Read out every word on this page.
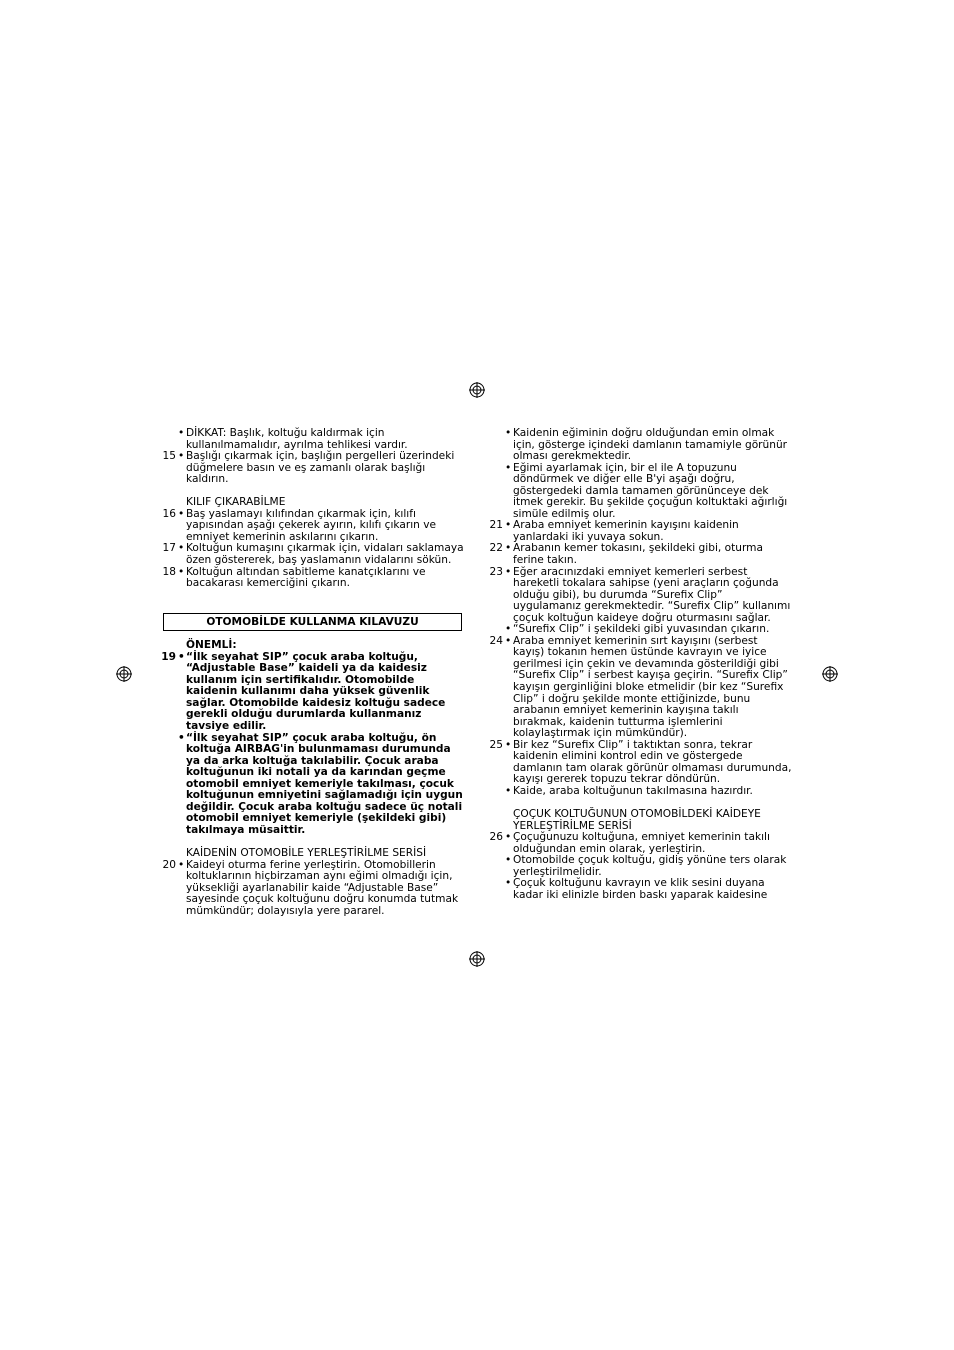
• DİKKAT: Başlık, koltuğu kaldırmak için kullanılmamalıdır, ayrılma tehlikesi vardır.
15 • Başlığı çıkarmak için, başlığın pergelleri üzerindeki düğmelere basın ve eş zamanlı olarak başlığı kaldırın.
KILIF ÇIKARABİLME
16 • Baş yaslamayı kılıfından çıkarmak için, kılıfı yapısından aşağı çekerek ayırın, kılıfı çıkarın ve emniyet kemerinin askılarını çıkarın.
17 • Koltuğun kumaşını çıkarmak için, vidaları saklamaya özen göstererek, baş yaslamanın vidalarını sökün.
18 • Koltuğun altından sabitleme kanatçıklarını ve bacakarası kemerciğini çıkarın.
OTOMOBİLDE KULLANMA KILAVUZU
ÖNEMLİ:
19 • “İlk seyahat SIP” çocuk araba koltuğu, “Adjustable Base” kaideli ya da kaidesiz kullanım için sertifikalıdır. Otomobilde kaidenin kullanımı daha yüksek güvenlik sağlar. Otomobilde kaidesiz koltuğu sadece gerekli olduğu durumlarda kullanmanız tavsiye edilir.
• “İlk seyahat SIP” çocuk araba koltuğu, ön koltuğa AIRBAG'in bulunmaması durumunda ya da arka koltuğa takılabilir. Çocuk araba koltuğunun iki notali ya da karından geçme otomobil emniyet kemeriyle takılması, çocuk koltuğunun emniyetini sağlamadığı için uygun değildir. Çocuk araba koltuğu sadece üç notali otomobil emniyet kemeriyle (şekildeki gibi) takılmaya müsaittir.
KAİDENİN OTOMOBİLE YERLEŞTİRİLME SERİSİ
20 • Kaideyi oturma ferine yerleştirin. Otomobillerin koltuklarının hiçbirzaman aynı eğimi olmadığı için, yüksekliği ayarlanabilir kaide “Adjustable Base” sayesinde çoçuk koltuğunu doğru konumda tutmak mümkündür; dolayısıyla yere pararel.
• Kaidenin eğiminin doğru olduğundan emin olmak için, gösterge içindeki damlanın tamamiyle görünür olması gerekmektedir.
• Eğimi ayarlamak için, bir el ile A topuzunu döndürmek ve diğer elle B'yi aşağı doğru, göstergedeki damla tamamen görününceye dek itmek gerekir. Bu şekilde çoçuğun koltuktaki ağırlığı simüle edilmiş olur.
21 • Araba emniyet kemerinin kayışını kaidenin yanlardaki iki yuvaya sokun.
22 • Arabanın kemer tokasını, şekildeki gibi, oturma ferine takın.
23 • Eğer aracınızdaki emniyet kemerleri serbest hareketli tokalara sahipse (yeni araçların çoğunda olduğu gibi), bu durumda “Surefix Clip” uygulamanız gerekmektedir. “Surefix Clip” kullanımı çoçuk koltuğun kaideye doğru oturmasını sağlar.
• “Surefix Clip” i şekildeki gibi yuvasından çıkarın.
24 • Araba emniyet kemerinin sırt kayışını (serbest kayış) tokanın hemen üstünde kavrayın ve iyice gerilmesi için çekin ve devamında gösterildiği gibi “Surefix Clip” i serbest kayışa geçirin. “Surefix Clip” kayışın gerginliğini bloke etmelidir (bir kez “Surefix Clip” i doğru şekilde monte ettiğinizde, bunu arabanın emniyet kemerinin kayışına takılı bırakmak, kaidenin tutturma işlemlerini kolaylaştırmak için mümkündür).
25 • Bir kez “Surefix Clip” i taktıktan sonra, tekrar kaidenin elimini kontrol edin ve göstergede damlanın tam olarak görünür olmaması durumunda, kayışı gererek topuzu tekrar döndürün.
• Kaide, araba koltuğunun takılmasına hazırdır.
ÇOÇUK KOLTUĞUNUN OTOMOBİLDEKİ KAİDEYE YERLEŞTİRİLME SERİSİ
26 • Çoçuğunuzu koltuğuna, emniyet kemerinin takılı olduğundan emin olarak, yerleştirin.
• Otomobilde çoçuk koltuğu, gidiş yönüne ters olarak yerleştirilmelidir.
• Çoçuk koltuğunu kavrayın ve klik sesini duyana kadar iki elinizle birden baskı yaparak kaidesine
